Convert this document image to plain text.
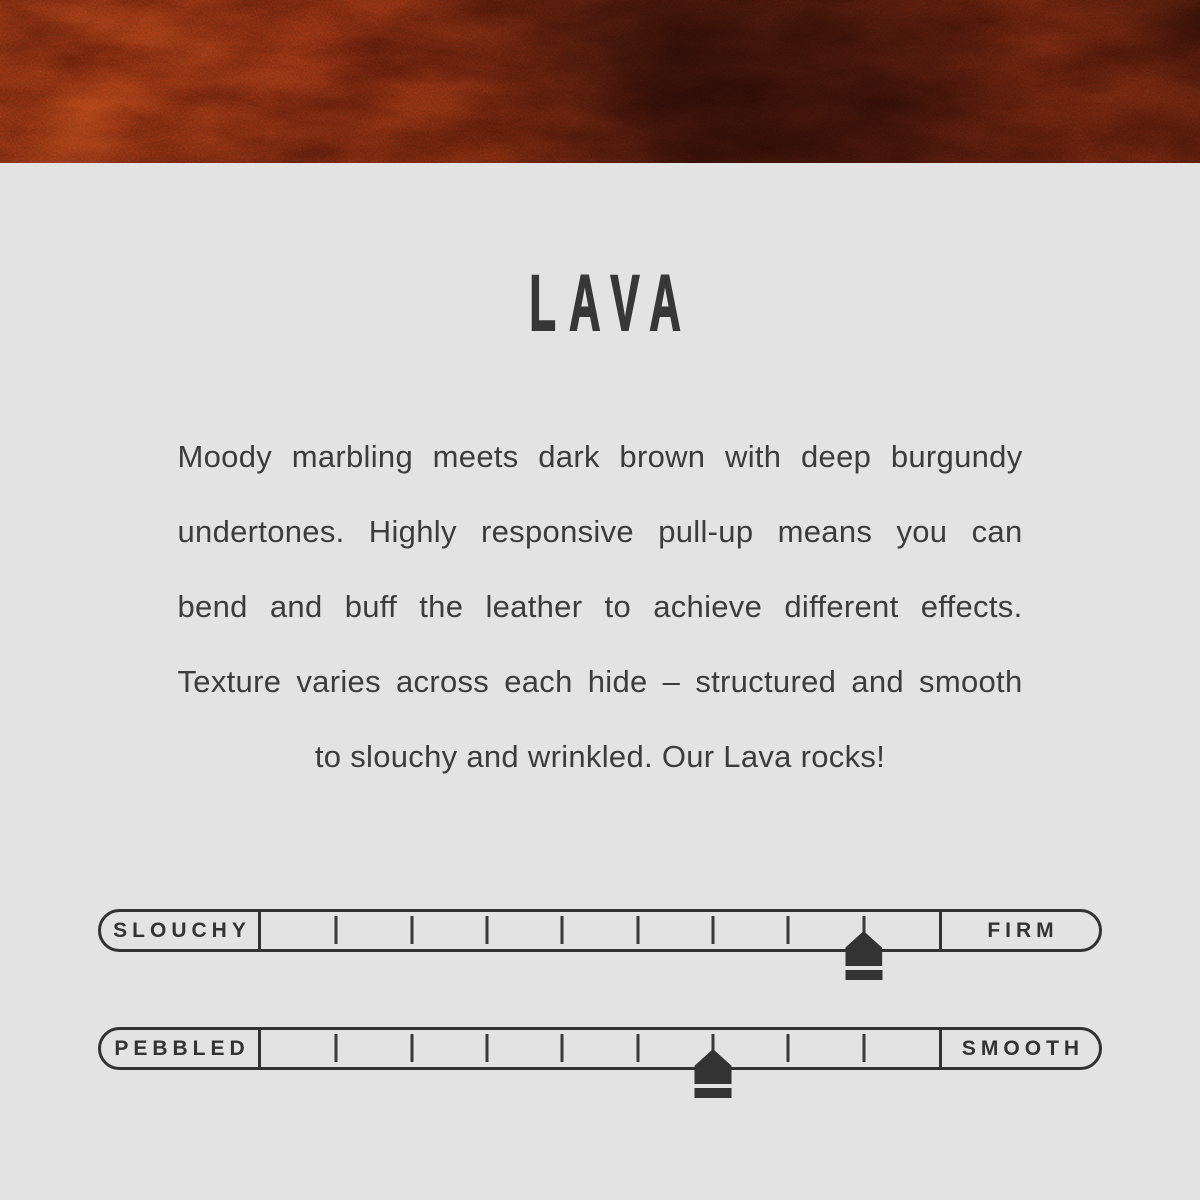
LAVA
Moody marbling meets dark brown with deep burgundy
undertones. Highly responsive pull-up means you can
bend and buff the leather to achieve different effects.
Texture varies across each hide – structured and smooth
to slouchy and wrinkled. Our Lava rocks!
SLOUCHY	FIRM
PEBBLED	SMOOTH
